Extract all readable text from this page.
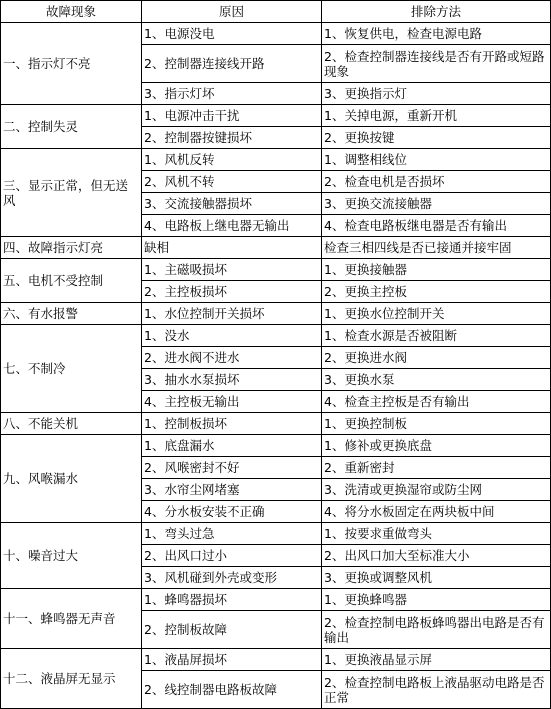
故障现象	原因	排除方法
一、指示灯不亮	1、电源没电	1、恢复供电，检查电源电路
	2、控制器连接线开路	2、检查控制器连接线是否有开路或短路现象
	3、指示灯坏	3、更换指示灯
二、控制失灵	1、电源冲击干扰	1、关掉电源，重新开机
	2、控制器按键损坏	2、更换按键
三、显示正常，但无送风	1、风机反转	1、调整相线位
	2、风机不转	2、检查电机是否损坏
	3、交流接触器损坏	3、更换交流接触器
	4、电路板上继电器无输出	4、检查电路板继电器是否有输出
四、故障指示灯亮	缺相	检查三相四线是否已接通并接牢固
五、电机不受控制	1、主磁吸损坏	1、更换接触器
	2、主控板损坏	2、更换主控板
六、有水报警	1、水位控制开关损坏	1、更换水位控制开关
七、不制冷	1、没水	1、检查水源是否被阻断
	2、进水阀不进水	2、更换进水阀
	3、抽水水泵损坏	3、更换水泵
	4、主控板无输出	4、检查主控板是否有输出
八、不能关机	1、控制板损坏	1、更换控制板
九、风喉漏水	1、底盘漏水	1、修补或更换底盘
	2、风喉密封不好	2、重新密封
	3、水帘尘网堵塞	3、洗清或更换湿帘或防尘网
	4、分水板安装不正确	4、将分水板固定在两块板中间
十、噪音过大	1、弯头过急	1、按要求重做弯头
	2、出风口过小	2、出风口加大至标准大小
	3、风机碰到外壳或变形	3、更换或调整风机
十一、蜂鸣器无声音	1、蜂鸣器损坏	1、更换蜂鸣器
	2、控制板故障	2、检查控制电路板蜂鸣器出电路是否有输出
十二、液晶屏无显示	1、液晶屏损坏	1、更换液晶显示屏
	2、线控制器电路板故障	2、检查控制电路板上液晶驱动电路是否正常
